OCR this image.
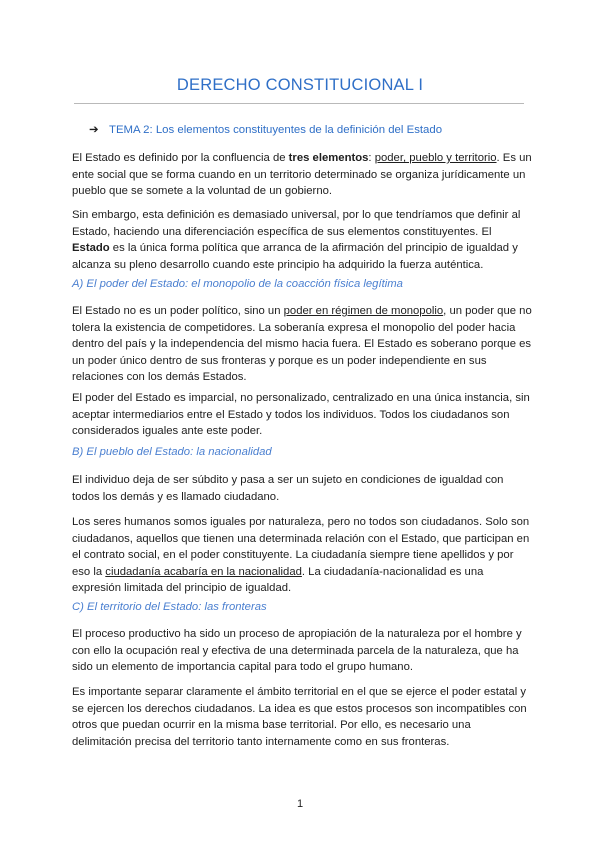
DERECHO CONSTITUCIONAL I
➔ TEMA 2: Los elementos constituyentes de la definición del Estado

El Estado es definido por la confluencia de tres elementos: poder, pueblo y territorio. Es un ente social que se forma cuando en un territorio determinado se organiza jurídicamente un pueblo que se somete a la voluntad de un gobierno.

Sin embargo, esta definición es demasiado universal, por lo que tendríamos que definir al Estado, haciendo una diferenciación específica de sus elementos constituyentes. El Estado es la única forma política que arranca de la afirmación del principio de igualdad y alcanza su pleno desarrollo cuando este principio ha adquirido la fuerza auténtica.

A) El poder del Estado: el monopolio de la coacción física legítima

El Estado no es un poder político, sino un poder en régimen de monopolio, un poder que no tolera la existencia de competidores. La soberanía expresa el monopolio del poder hacia dentro del país y la independencia del mismo hacia fuera. El Estado es soberano porque es un poder único dentro de sus fronteras y porque es un poder independiente en sus relaciones con los demás Estados.

El poder del Estado es imparcial, no personalizado, centralizado en una única instancia, sin aceptar intermediarios entre el Estado y todos los individuos. Todos los ciudadanos son considerados iguales ante este poder.

B) El pueblo del Estado: la nacionalidad

El individuo deja de ser súbdito y pasa a ser un sujeto en condiciones de igualdad con todos los demás y es llamado ciudadano.

Los seres humanos somos iguales por naturaleza, pero no todos son ciudadanos. Solo son ciudadanos, aquellos que tienen una determinada relación con el Estado, que participan en el contrato social, en el poder constituyente. La ciudadanía siempre tiene apellidos y por eso la ciudadanía acabaría en la nacionalidad. La ciudadanía-nacionalidad es una expresión limitada del principio de igualdad.

C) El territorio del Estado: las fronteras

El proceso productivo ha sido un proceso de apropiación de la naturaleza por el hombre y con ello la ocupación real y efectiva de una determinada parcela de la naturaleza, que ha sido un elemento de importancia capital para todo el grupo humano.

Es importante separar claramente el ámbito territorial en el que se ejerce el poder estatal y se ejercen los derechos ciudadanos. La idea es que estos procesos son incompatibles con otros que puedan ocurrir en la misma base territorial. Por ello, es necesario una delimitación precisa del territorio tanto internamente como en sus fronteras.

1
